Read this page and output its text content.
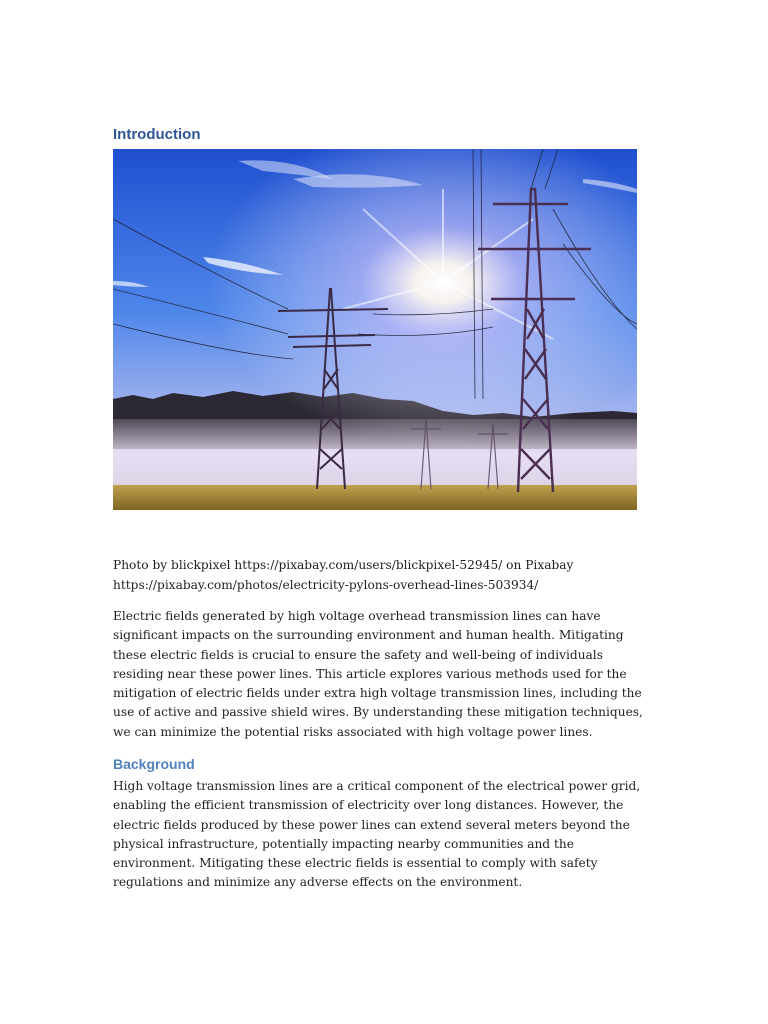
Introduction
Photo by blickpixel https://pixabay.com/users/blickpixel-52945/ on Pixabay
https://pixabay.com/photos/electricity-pylons-overhead-lines-503934/

Electric fields generated by high voltage overhead transmission lines can have significant impacts on the surrounding environment and human health. Mitigating these electric fields is crucial to ensure the safety and well-being of individuals residing near these power lines. This article explores various methods used for the mitigation of electric fields under extra high voltage transmission lines, including the use of active and passive shield wires. By understanding these mitigation techniques, we can minimize the potential risks associated with high voltage power lines.

Background

High voltage transmission lines are a critical component of the electrical power grid, enabling the efficient transmission of electricity over long distances. However, the electric fields produced by these power lines can extend several meters beyond the physical infrastructure, potentially impacting nearby communities and the environment. Mitigating these electric fields is essential to comply with safety regulations and minimize any adverse effects on the environment.
